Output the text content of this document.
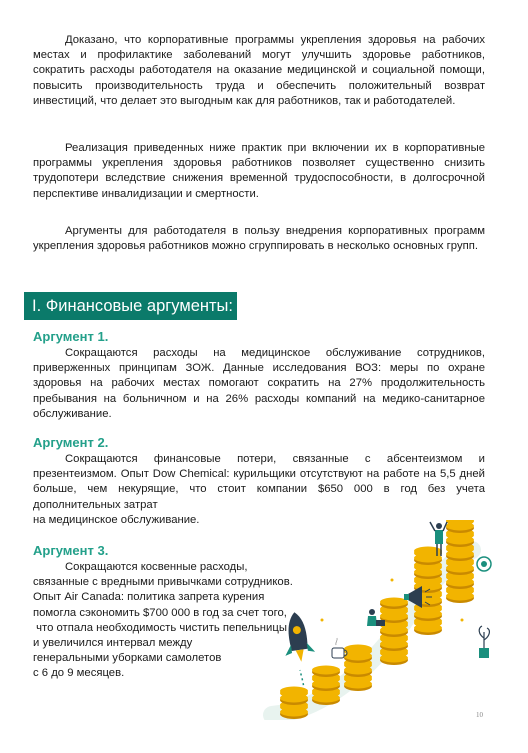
Доказано, что корпоративные программы укрепления здоровья на рабочих местах и профилактике заболеваний могут улучшить здоровье работников, сократить расходы работодателя на оказание медицинской и социальной помощи, повысить производительность труда и обеспечить положительный возврат инвестиций, что делает это выгодным как для работников, так и работодателей.

Реализация приведенных ниже практик при включении их в корпоративные программы укрепления здоровья работников позволяет существенно снизить трудопотери вследствие снижения временной трудоспособности, в долгосрочной перспективе инвалидизации и смертности.

Аргументы для работодателя в пользу внедрения корпоративных программ укрепления здоровья работников можно сгруппировать в несколько основных групп.

I. Финансовые аргументы:

Аргумент 1.

Сокращаются расходы на медицинское обслуживание сотрудников, приверженных принципам ЗОЖ. Данные исследования ВОЗ: меры по охране здоровья на рабочих местах помогают сократить на 27% продолжительность пребывания на больничном и на 26% расходы компаний на медико-санитарное обслуживание.

Аргумент 2.

Сокращаются финансовые потери, связанные с абсентеизмом и презентеизмом. Опыт Dow Chemical: курильщики отсутствуют на работе на 5,5 дней больше, чем некурящие, что стоит компании $650 000 в год без учета дополнительных затрат

на медицинское обслуживание.

Аргумент 3.

Сокращаются косвенные расходы,
связанные с вредными привычками сотрудников.
Опыт Air Canada: политика запрета курения
помогла сэкономить $700 000 в год за счет того,
что отпала необходимость чистить пепельницы
и увеличился интервал между
генеральными уборками самолетов
с 6 до 9 месяцев.
10
